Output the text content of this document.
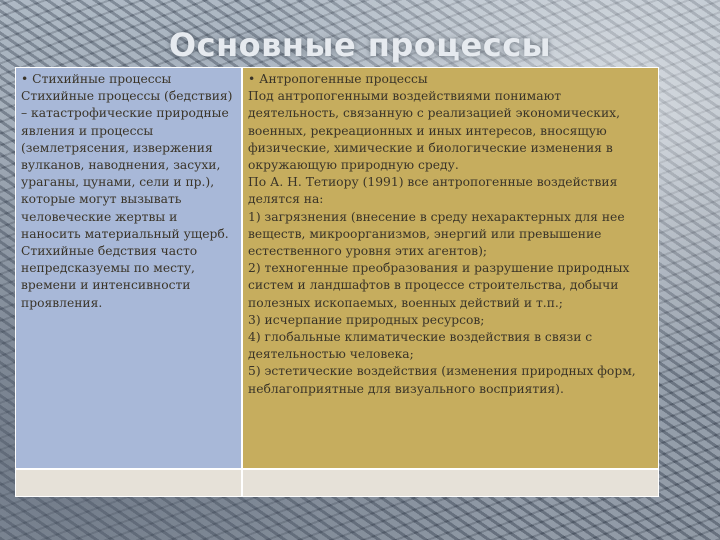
Основные процессы

• Стихийные процессы

Стихийные процессы (бедствия) – катастрофические природные явления и процессы (землетрясения, извержения вулканов, наводнения, засухи, ураганы, цунами, сели и пр.), которые могут вызывать человеческие жертвы и наносить материальный ущерб. Стихийные бедствия часто непредсказуемы по месту, времени и интенсивности проявления.

• Антропогенные процессы

Под антропогенными воздействиями понимают деятельность, связанную с реализацией экономических, военных, рекреационных и иных интересов, вносящую физические, химические и биологические изменения в окружающую природную среду.

По А. Н. Тетиору (1991) все антропогенные воздействия делятся на:

1) загрязнения (внесение в среду нехарактерных для нее веществ, микроорганизмов, энергий или превышение естественного уровня этих агентов);

2) техногенные преобразования и разрушение природных систем и ландшафтов в процессе строительства, добычи полезных ископаемых, военных действий и т.п.;

3) исчерпание природных ресурсов;

4) глобальные климатические воздействия в связи с деятельностью человека;

5) эстетические воздействия (изменения природных форм, неблагоприятные для визуального восприятия).
